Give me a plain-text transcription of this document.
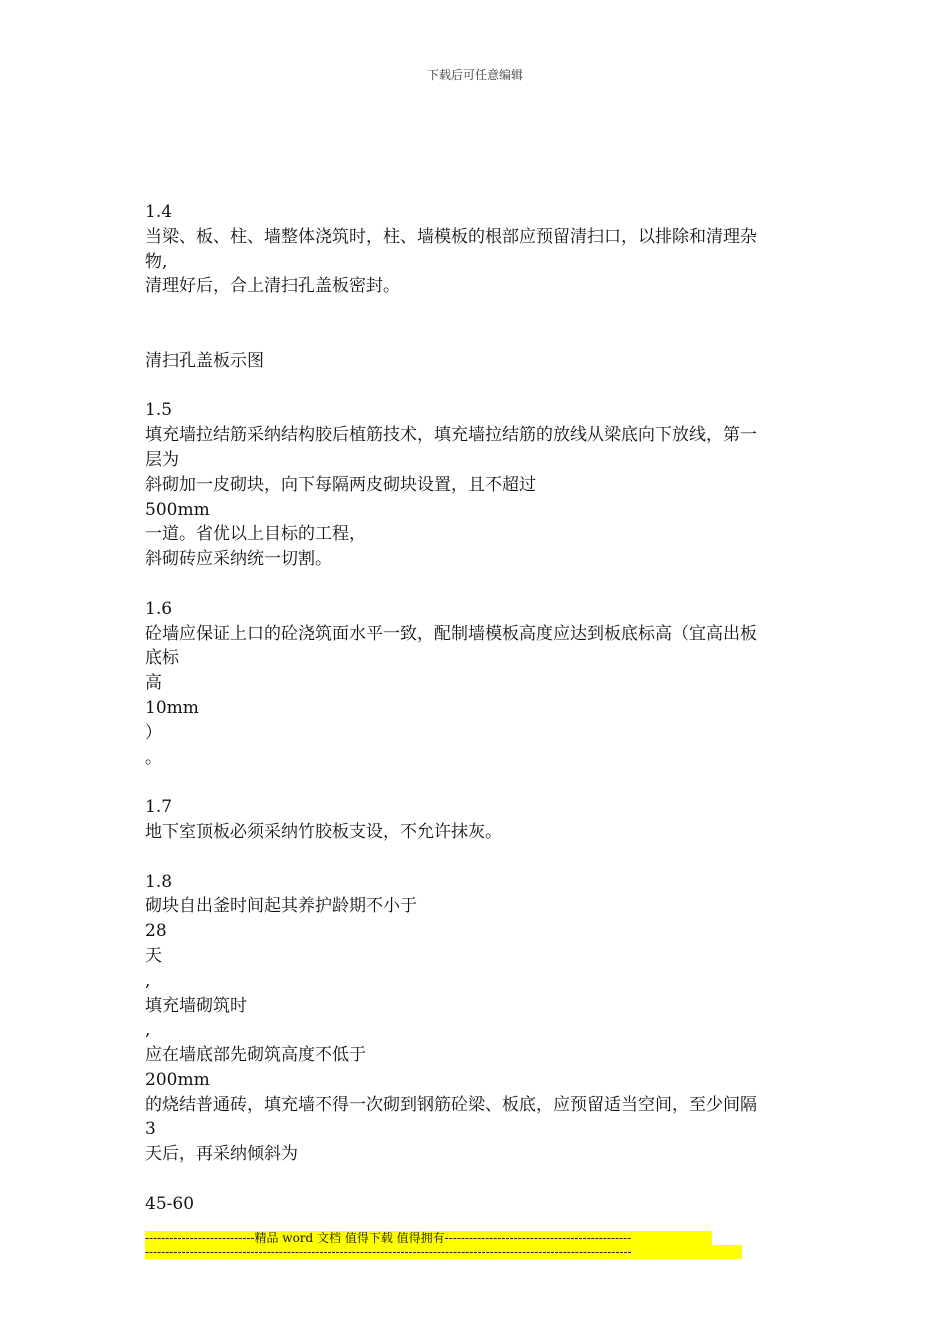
下载后可任意编辑
1.4
当梁、板、柱、墙整体浇筑时，柱、墙模板的根部应预留清扫口，以排除和清理杂
物,
清理好后，合上清扫孔盖板密封。
清扫孔盖板示图
1.5
填充墙拉结筋采纳结构胶后植筋技术，填充墙拉结筋的放线从梁底向下放线，第一
层为
斜砌加一皮砌块，向下每隔两皮砌块设置，且不超过
500mm
一道。省优以上目标的工程，
斜砌砖应采纳统一切割。
1.6
砼墙应保证上口的砼浇筑面水平一致，配制墙模板高度应达到板底标高（宜高出板
底标
高
10mm
）
。
1.7
地下室顶板必须采纳竹胶板支设，不允许抹灰。
1.8
砌块自出釜时间起其养护龄期不小于
28
天
,
填充墙砌筑时
,
应在墙底部先砌筑高度不低于
200mm
的烧结普通砖，填充墙不得一次砌到钢筋砼梁、板底，应预留适当空间，至少间隔
3
天后，再采纳倾斜为
45-60
---------------------------精品 word 文档 值得下载 值得拥有----------------------------------------------
------------------------------------------------------------------------------------------------------------------------
